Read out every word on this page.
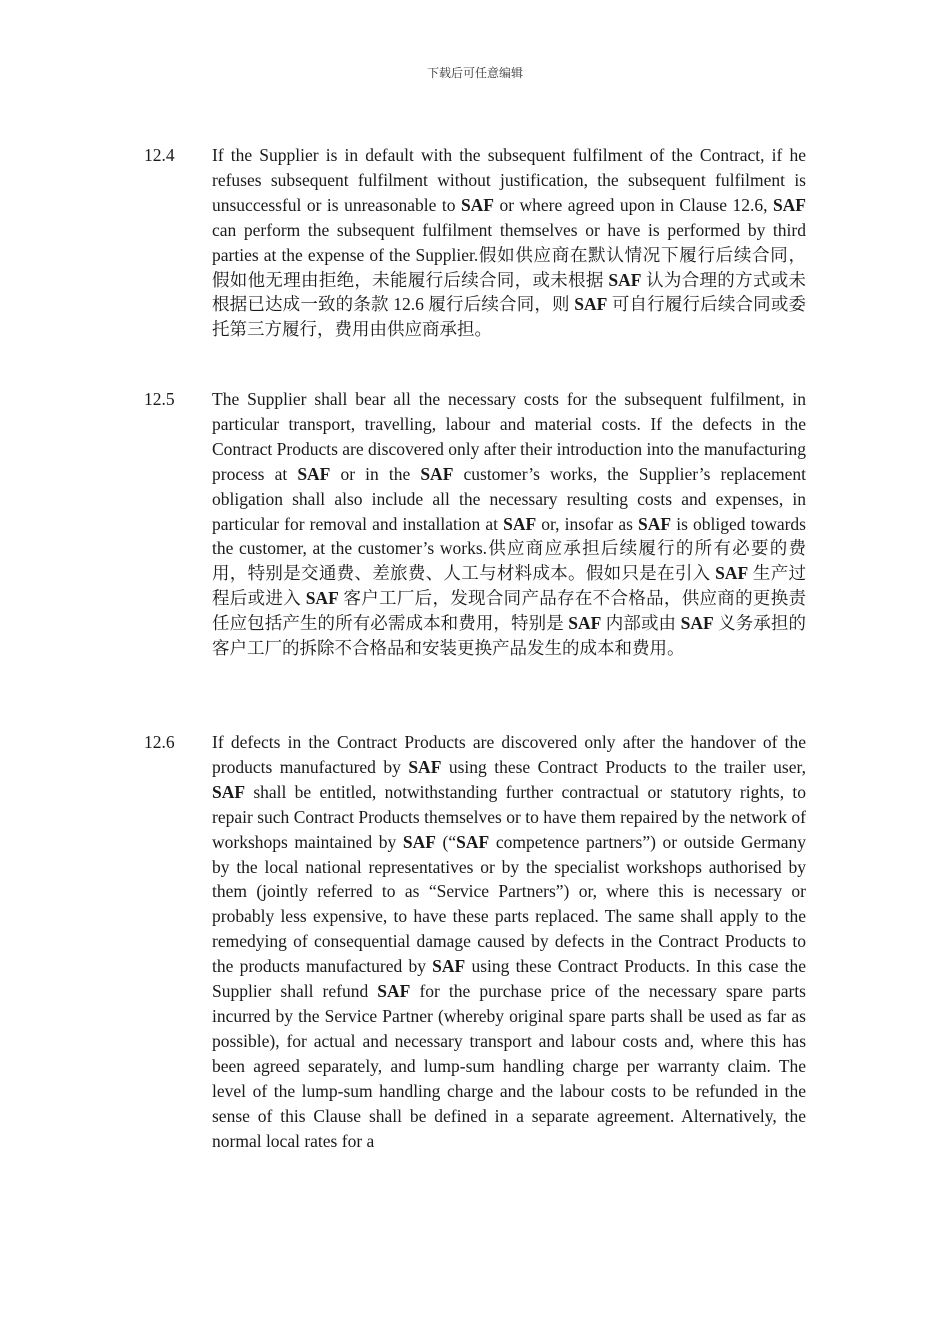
下载后可任意编辑
12.4	If the Supplier is in default with the subsequent fulfilment of the Contract, if he refuses subsequent fulfilment without justification, the subsequent fulfilment is unsuccessful or is unreasonable to SAF or where agreed upon in Clause 12.6, SAF can perform the subsequent fulfilment themselves or have is performed by third parties at the expense of the Supplier.假如供应商在默认情况下履行后续合同，假如他无理由拒绝，未能履行后续合同，或未根据 SAF 认为合理的方式或未根据已达成一致的条款 12.6 履行后续合同，则 SAF 可自行履行后续合同或委托第三方履行，费用由供应商承担。
12.5	The Supplier shall bear all the necessary costs for the subsequent fulfilment, in particular transport, travelling, labour and material costs. If the defects in the Contract Products are discovered only after their introduction into the manufacturing process at SAF or in the SAF customer’s works, the Supplier’s replacement obligation shall also include all the necessary resulting costs and expenses, in particular for removal and installation at SAF or, insofar as SAF is obliged towards the customer, at the customer’s works.供应商应承担后续履行的所有必要的费用，特别是交通费、差旅费、人工与材料成本。假如只是在引入 SAF 生产过程后或进入 SAF 客户工厂后，发现合同产品存在不合格品，供应商的更换责任应包括产生的所有必需成本和费用，特别是 SAF 内部或由 SAF 义务承担的客户工厂的拆除不合格品和安装更换产品发生的成本和费用。
12.6	If defects in the Contract Products are discovered only after the handover of the products manufactured by SAF using these Contract Products to the trailer user, SAF shall be entitled, notwithstanding further contractual or statutory rights, to repair such Contract Products themselves or to have them repaired by the network of workshops maintained by SAF (“SAF competence partners”) or outside Germany by the local national representatives or by the specialist workshops authorised by them (jointly referred to as “Service Partners”) or, where this is necessary or probably less expensive, to have these parts replaced. The same shall apply to the remedying of consequential damage caused by defects in the Contract Products to the products manufactured by SAF using these Contract Products. In this case the Supplier shall refund SAF for the purchase price of the necessary spare parts incurred by the Service Partner (whereby original spare parts shall be used as far as possible), for actual and necessary transport and labour costs and, where this has been agreed separately, and lump-sum handling charge per warranty claim. The level of the lump-sum handling charge and the labour costs to be refunded in the sense of this Clause shall be defined in a separate agreement. Alternatively, the normal local rates for a
